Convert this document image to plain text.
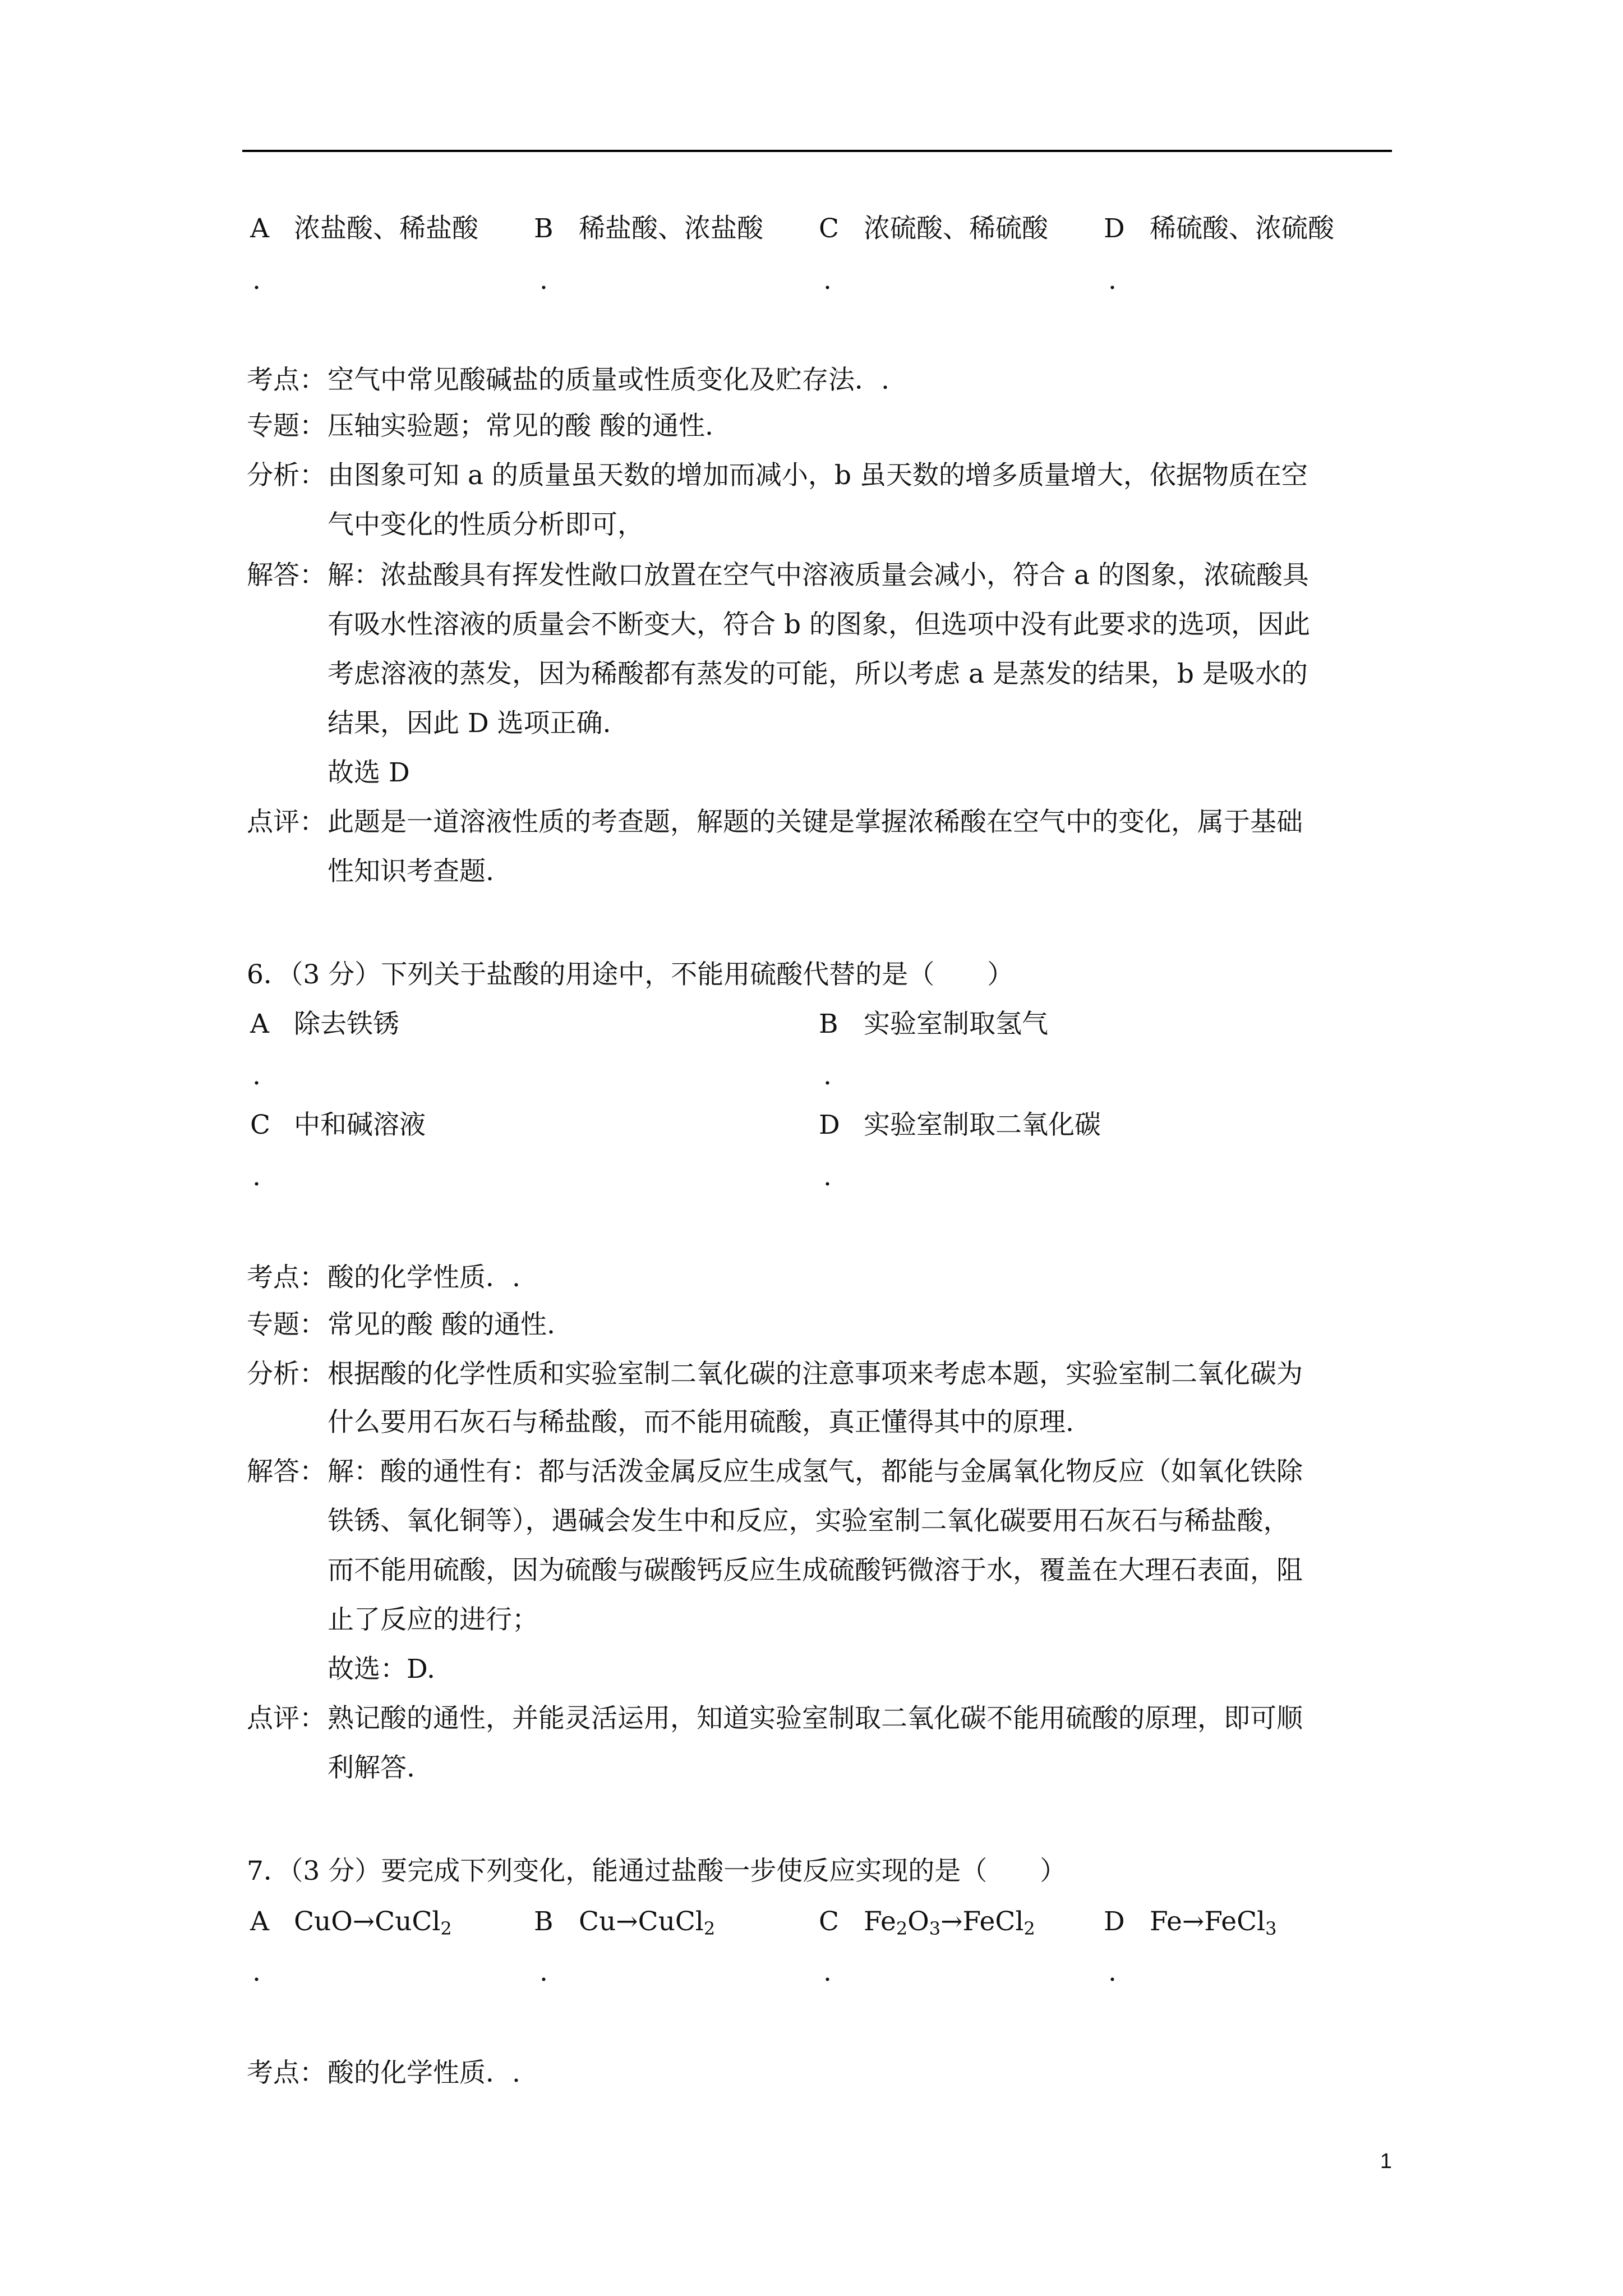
A 浓盐酸、稀盐酸
.
B 稀盐酸、浓盐酸
.
C 浓硫酸、稀硫酸
.
D 稀硫酸、浓硫酸
.
考点： 空气中常见酸碱盐的质量或性质变化及贮存法．.
专题： 压轴实验题；常见的酸 酸的通性.
分析： 由图象可知 a 的质量虽天数的增加而减小，b 虽天数的增多质量增大，依据物质在空
气中变化的性质分析即可，
解答： 解：浓盐酸具有挥发性敞口放置在空气中溶液质量会减小，符合 a 的图象，浓硫酸具
有吸水性溶液的质量会不断变大，符合 b 的图象，但选项中没有此要求的选项，因此
考虑溶液的蒸发，因为稀酸都有蒸发的可能，所以考虑 a 是蒸发的结果，b 是吸水的
结果，因此 D 选项正确.
故选 D
点评： 此题是一道溶液性质的考查题，解题的关键是掌握浓稀酸在空气中的变化，属于基础
性知识考查题.
6．（3 分）下列关于盐酸的用途中，不能用硫酸代替的是（　　）
A 除去铁锈
.
B 实验室制取氢气
.
C 中和碱溶液
.
D 实验室制取二氧化碳
.
考点： 酸的化学性质．.
专题： 常见的酸 酸的通性.
分析： 根据酸的化学性质和实验室制二氧化碳的注意事项来考虑本题，实验室制二氧化碳为
什么要用石灰石与稀盐酸，而不能用硫酸，真正懂得其中的原理.
解答： 解：酸的通性有：都与活泼金属反应生成氢气，都能与金属氧化物反应（如氧化铁除
铁锈、氧化铜等），遇碱会发生中和反应，实验室制二氧化碳要用石灰石与稀盐酸，
而不能用硫酸，因为硫酸与碳酸钙反应生成硫酸钙微溶于水，覆盖在大理石表面，阻
止了反应的进行；
故选：D.
点评： 熟记酸的通性，并能灵活运用，知道实验室制取二氧化碳不能用硫酸的原理，即可顺
利解答.
7．（3 分）要完成下列变化，能通过盐酸一步使反应实现的是（　　）
A CuO→CuCl$_2$
.
B Cu→CuCl$_2$
.
C $Fe_2O_3\to FeCl_2$
.
D Fe→FeCl$_3$
.
考点： 酸的化学性质．.
1
